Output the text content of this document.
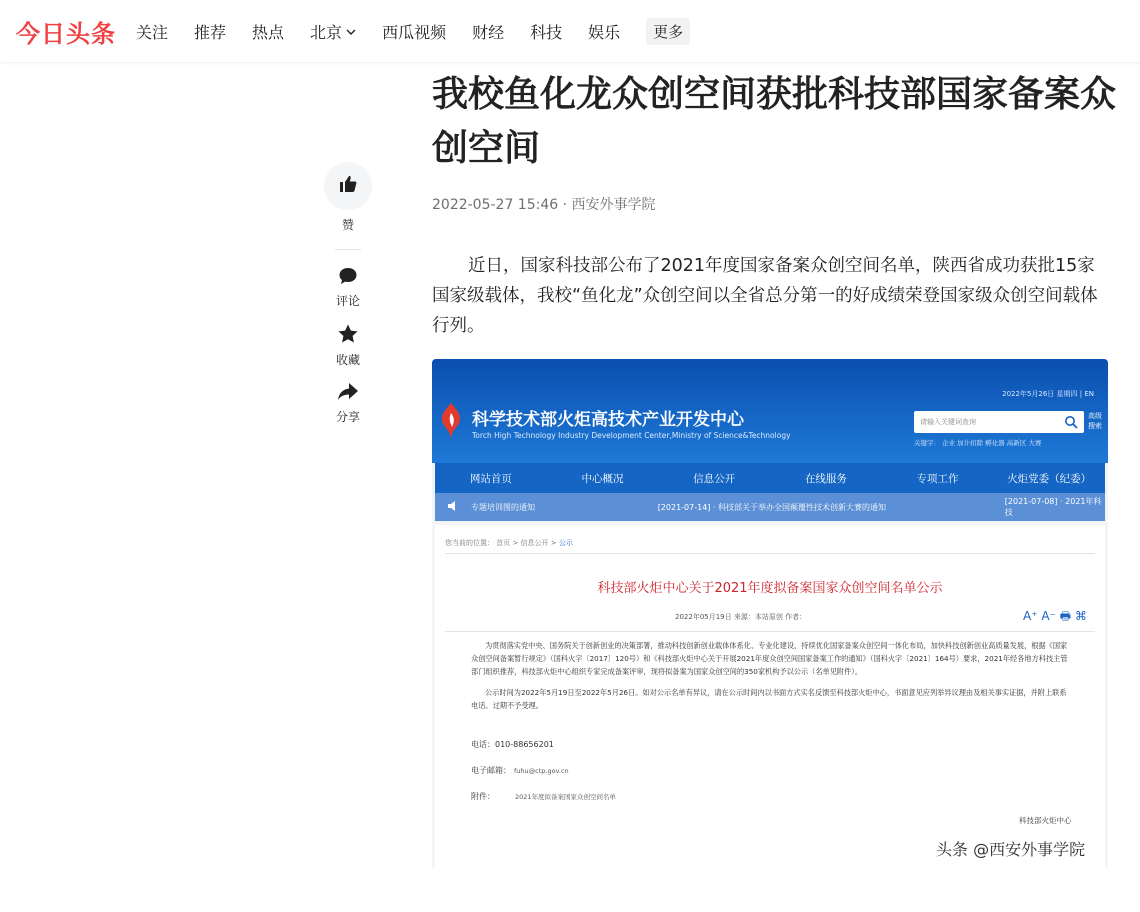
今日头条 关注 推荐 热点 北京	西瓜视频 财经 科技 娱乐	更多
赞
评论
收藏
分享
我校鱼化龙众创空间获批科技部国家备案众创空间
2022-05-27 15:46 · 西安外事学院

近日，国家科技部公布了2021年度国家备案众创空间名单，陕西省成功获批15家国家级载体，我校“鱼化龙”众创空间以全省总分第一的好成绩荣登国家级众创空间载体行列。

2022年5月26日 星期四 | EN
科学技术部火炬高技术产业开发中心
Torch High Technology Industry Development Center,Ministry of Science&Technology
请输入关键词查询
高级搜索
关键字： 企业 加计扣除 孵化器 高新区 大赛
网站首页	中心概况	信息公开	在线服务	专项工作	火炬党委（纪委）
专题培训图的通知	[2021-07-14] · 科技部关于举办全国颠覆性技术创新大赛的通知
[2021-07-08] · 2021年科技
您当前的位置： 首页 > 信息公开 > 公示
科技部火炬中心关于2021年度拟备案国家众创空间名单公示
2022年05月19日 来源：本站原创 作者：	A⁺ A⁻ 🖶 ⌘

为贯彻落实党中央、国务院关于创新创业的决策部署，推动科技创新创业载体体系化、专业化建设，持续优化国家备案众创空间一体化布局，加快科技创新创业高质量发展，根据《国家众创空间备案暂行规定》（国科火字〔2017〕120号）和《科技部火炬中心关于开展2021年度众创空间国家备案工作的通知》（国科火字〔2021〕164号）要求，2021年经各地方科技主管部门组织推荐，科技部火炬中心组织专家完成备案评审，现将拟备案为国家众创空间的350家机构予以公示（名单见附件）。

公示时间为2022年5月19日至2022年5月26日。如对公示名单有异议，请在公示时间内以书面方式实名反馈至科技部火炬中心，书面意见应列举异议理由及相关事实证据，并附上联系电话。过期不予受理。

电话：010-88656201
电子邮箱： fuhu@ctp.gov.cn
附件：	2021年度拟备案国家众创空间名单
科技部火炬中心
头条 @西安外事学院
